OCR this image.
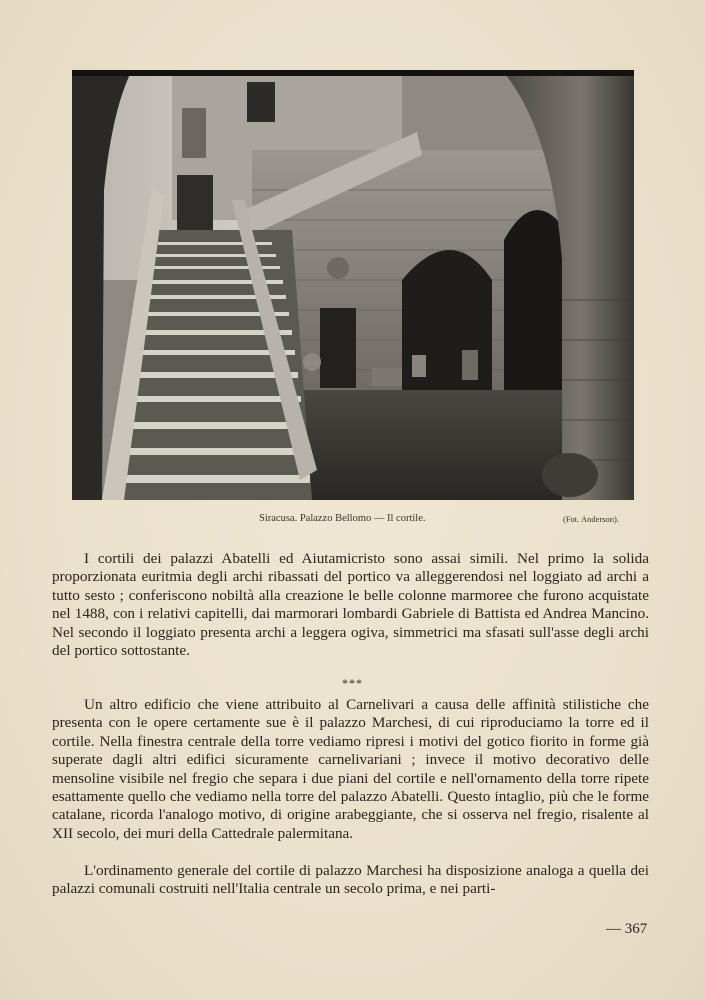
Siracusa. Palazzo Bellomo — Il cortile.	(Fot. Anderson).

I cortili dei palazzi Abatelli ed Aiutamicristo sono assai simili. Nel primo la solida proporzionata euritmia degli archi ribassati del portico va alleggerendosi nel loggiato ad archi a tutto sesto ; conferiscono nobiltà alla creazione le belle colonne marmoree che furono acquistate nel 1488, con i relativi capitelli, dai marmorari lombardi Gabriele di Battista ed Andrea Mancino. Nel secondo il loggiato presenta archi a leggera ogiva, simmetrici ma sfasati sull'asse degli archi del portico sottostante.

***

Un altro edificio che viene attribuito al Carnelivari a causa delle affinità stilistiche che presenta con le opere certamente sue è il palazzo Marchesi, di cui riproduciamo la torre ed il cortile. Nella finestra centrale della torre vediamo ripresi i motivi del gotico fiorito in forme già superate dagli altri edifici sicuramente carnelivariani ; invece il motivo decorativo delle mensoline visibile nel fregio che separa i due piani del cortile e nell'ornamento della torre ripete esattamente quello che vediamo nella torre del palazzo Abatelli. Questo intaglio, più che le forme catalane, ricorda l'analogo motivo, di origine arabeggiante, che si osserva nel fregio, risalente al XII secolo, dei muri della Cattedrale palermitana.

L'ordinamento generale del cortile di palazzo Marchesi ha disposizione analoga a quella dei palazzi comunali costruiti nell'Italia centrale un secolo prima, e nei parti-

— 367
